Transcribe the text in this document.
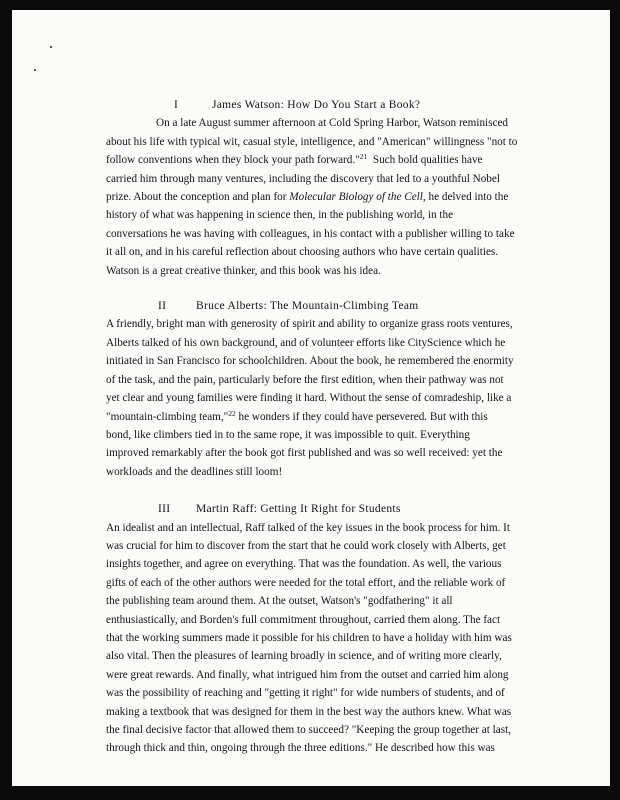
I	James Watson: How Do You Start a Book?
On a late August summer afternoon at Cold Spring Harbor, Watson reminisced
about his life with typical wit, casual style, intelligence, and "American" willingness "not to
follow conventions when they block your path forward."$^{21}$ Such bold qualities have
carried him through many ventures, including the discovery that led to a youthful Nobel
prize. About the conception and plan for Molecular Biology of the Cell, he delved into the
history of what was happening in science then, in the publishing world, in the
conversations he was having with colleagues, in his contact with a publisher willing to take
it all on, and in his careful reflection about choosing authors who have certain qualities.
Watson is a great creative thinker, and this book was his idea.
II	Bruce Alberts: The Mountain-Climbing Team
A friendly, bright man with generosity of spirit and ability to organize grass roots ventures,
Alberts talked of his own background, and of volunteer efforts like CityScience which he
initiated in San Francisco for schoolchildren. About the book, he remembered the enormity
of the task, and the pain, particularly before the first edition, when their pathway was not
yet clear and young families were finding it hard. Without the sense of comradeship, like a
"mountain-climbing team,"$^{22}$ he wonders if they could have persevered. But with this
bond, like climbers tied in to the same rope, it was impossible to quit. Everything
improved remarkably after the book got first published and was so well received: yet the
workloads and the deadlines still loom!
III Martin Raff: Getting It Right for Students
An idealist and an intellectual, Raff talked of the key issues in the book process for him. It
was crucial for him to discover from the start that he could work closely with Alberts, get
insights together, and agree on everything. That was the foundation. As well, the various
gifts of each of the other authors were needed for the total effort, and the reliable work of
the publishing team around them. At the outset, Watson's "godfathering" it all
enthusiastically, and Borden's full commitment throughout, carried them along. The fact
that the working summers made it possible for his children to have a holiday with him was
also vital. Then the pleasures of learning broadly in science, and of writing more clearly,
were great rewards. And finally, what intrigued him from the outset and carried him along
was the possibility of reaching and "getting it right" for wide numbers of students, and of
making a textbook that was designed for them in the best way the authors knew. What was
the final decisive factor that allowed them to succeed? "Keeping the group together at last,
through thick and thin, ongoing through the three editions." He described how this was
